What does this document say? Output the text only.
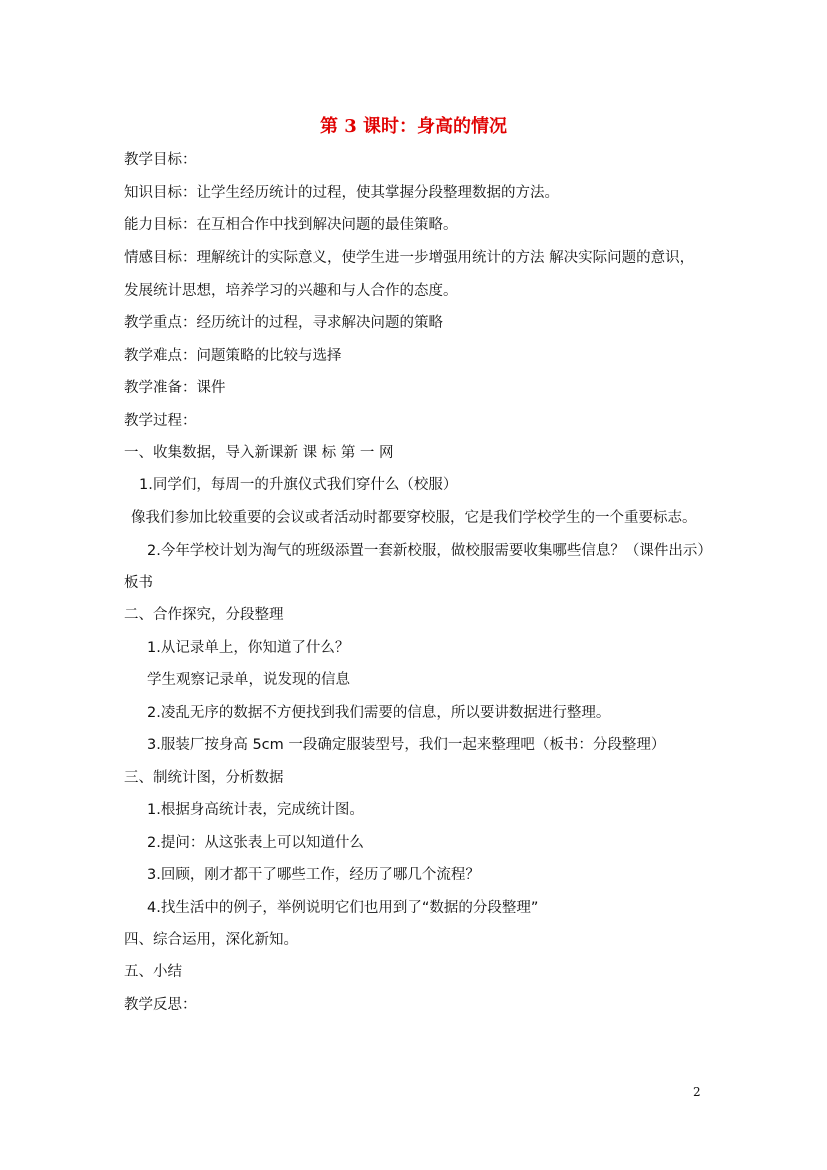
第 3 课时：身高的情况
教学目标：
知识目标：让学生经历统计的过程，使其掌握分段整理数据的方法。
能力目标：在互相合作中找到解决问题的最佳策略。
情感目标：理解统计的实际意义，使学生进一步增强用统计的方法 解决实际问题的意识，
发展统计思想，培养学习的兴趣和与人合作的态度。
教学重点：经历统计的过程，寻求解决问题的策略
教学难点：问题策略的比较与选择
教学准备：课件
教学过程：
一、收集数据，导入新课新 课 标 第 一 网
1.同学们，每周一的升旗仪式我们穿什么（校服）
像我们参加比较重要的会议或者活动时都要穿校服，它是我们学校学生的一个重要标志。
2.今年学校计划为淘气的班级添置一套新校服，做校服需要收集哪些信息？（课件出示）
板书
二、合作探究，分段整理
1.从记录单上，你知道了什么？
学生观察记录单，说发现的信息
2.凌乱无序的数据不方便找到我们需要的信息，所以要讲数据进行整理。
3.服装厂按身高 5cm 一段确定服装型号，我们一起来整理吧（板书：分段整理）
三、制统计图，分析数据
1.根据身高统计表，完成统计图。
2.提问：从这张表上可以知道什么
3.回顾，刚才都干了哪些工作，经历了哪几个流程？
4.找生活中的例子，举例说明它们也用到了“数据的分段整理”
四、综合运用，深化新知。
五、小结
教学反思：
2
